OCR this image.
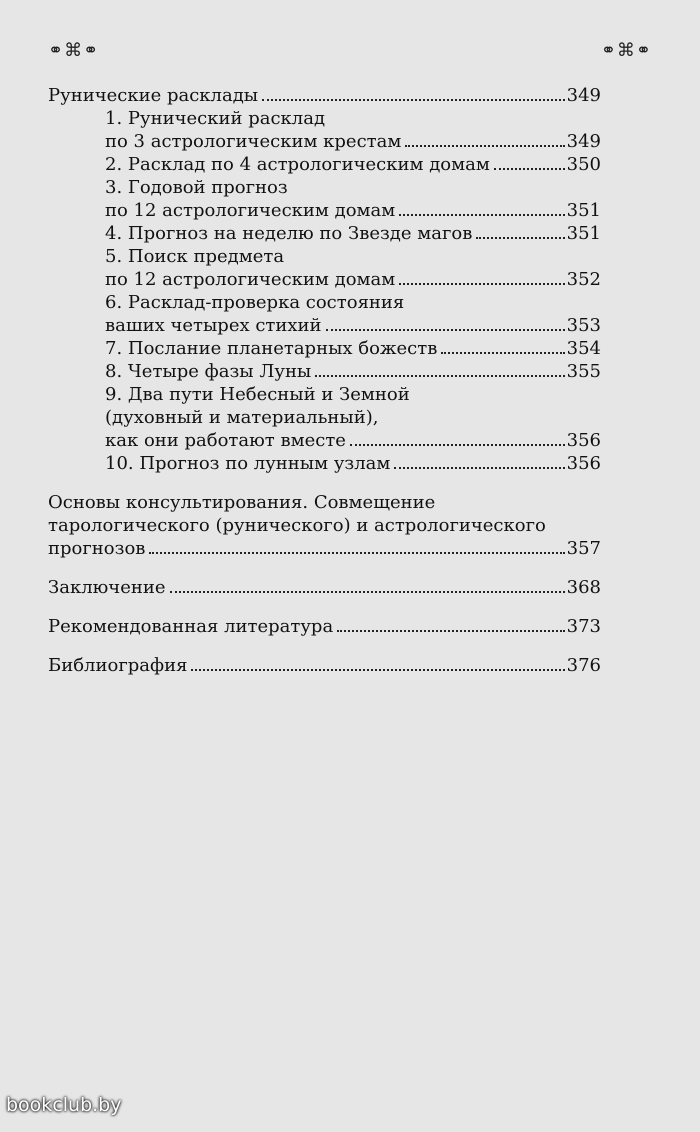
⚭⌘⚭	⚭⌘⚭
Рунические расклады	349
1. Рунический расклад
по 3 астрологическим крестам	349
2. Расклад по 4 астрологическим домам	350
3. Годовой прогноз
по 12 астрологическим домам	351
4. Прогноз на неделю по Звезде магов	351
5. Поиск предмета
по 12 астрологическим домам	352
6. Расклад-проверка состояния
ваших четырех стихий	353
7. Послание планетарных божеств	354
8. Четыре фазы Луны	355
9. Два пути Небесный и Земной
(духовный и материальный),
как они работают вместе	356
10. Прогноз по лунным узлам	356
Основы консультирования. Совмещение
тарологического (рунического) и астрологического
прогнозов	357
Заключение	368
Рекомендованная литература	373
Библиография	376
bookclub.by
